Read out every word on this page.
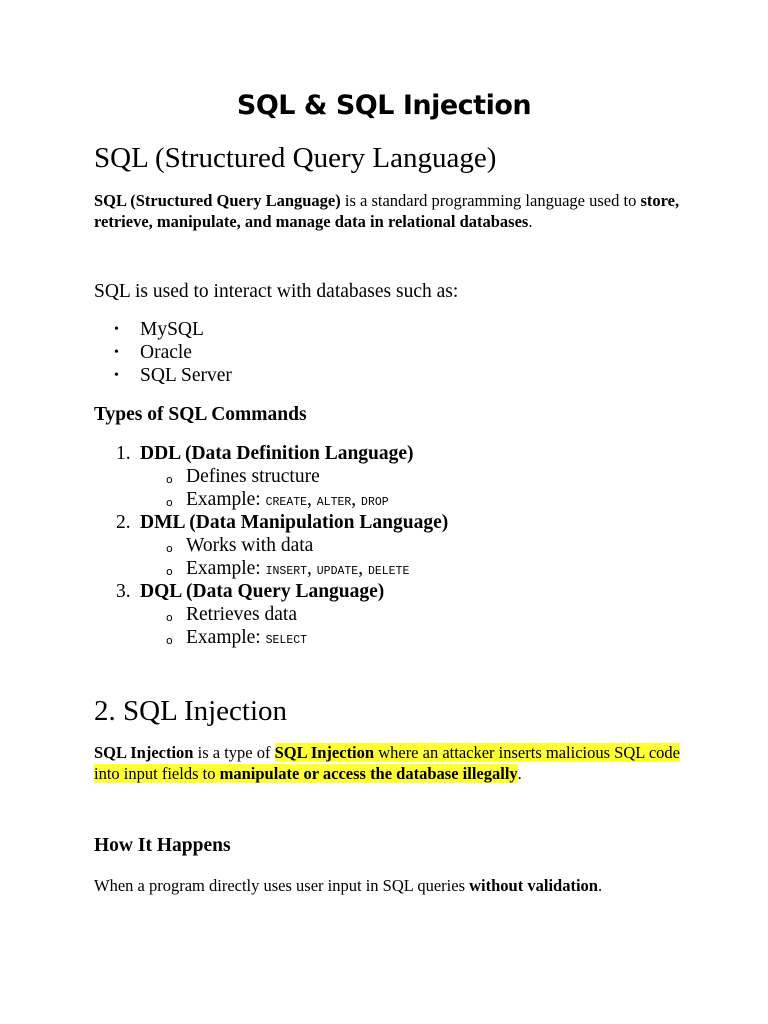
SQL & SQL Injection
SQL (Structured Query Language)
SQL (Structured Query Language) is a standard programming language used to store, retrieve, manipulate, and manage data in relational databases.
SQL is used to interact with databases such as:
• MySQL
• Oracle
• SQL Server
Types of SQL Commands
1. DDL (Data Definition Language)
o Defines structure
o Example: CREATE, ALTER, DROP
2. DML (Data Manipulation Language)
o Works with data
o Example: INSERT, UPDATE, DELETE
3. DQL (Data Query Language)
o Retrieves data
o Example: SELECT
2. SQL Injection
SQL Injection is a type of SQL Injection where an attacker inserts malicious SQL code into input fields to manipulate or access the database illegally.
How It Happens
When a program directly uses user input in SQL queries without validation.
